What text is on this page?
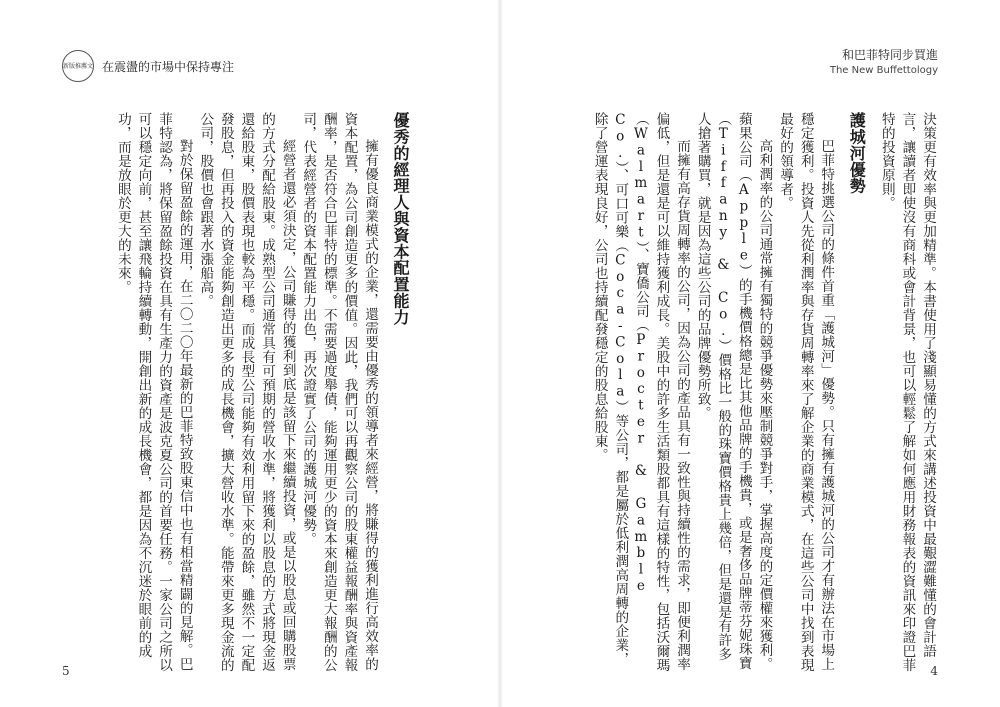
新版推薦文 在震盪的市場中保持專注
和巴菲特同步買進
The New Buffettology

決策更有效率與更加精準。本書使用了淺顯易懂的方式來講述投資中最艱澀難懂的會計語言，讓讀者即使沒有商科或會計背景，也可以輕鬆了解如何應用財務報表的資訊來印證巴菲特的投資原則。

護城河優勢

巴菲特挑選公司的條件首重「護城河」優勢。只有擁有護城河的公司才有辦法在市場上穩定獲利。投資人先從利潤率與存貨周轉率來了解企業的商業模式，在這些公司中找到表現最好的領導者。

高利潤率的公司通常擁有獨特的競爭優勢來壓制競爭對手，掌握高度的定價權來獲利。蘋果公司（Apple）的手機價格總是比其他品牌的手機貴，或是奢侈品牌蒂芬妮珠寶（Tiffany & Co.）價格比一般的珠寶價格貴上幾倍，但是還是有許多人搶著購買，就是因為這些公司的品牌優勢所致。

而擁有高存貨周轉率的公司，因為公司的產品具有一致性與持續性的需求，即便利潤率偏低，但是還是可以維持獲利成長。美股中的許多生活類股都具有這樣的特性，包括沃爾瑪（Walmart）、寶僑公司（Procter & Gamble Co.）、可口可樂（Coca-Cola）等公司，都是屬於低利潤高周轉的企業，除了營運表現良好，公司也持續配發穩定的股息給股東。

優秀的經理人與資本配置能力

擁有優良商業模式的企業，還需要由優秀的領導者來經營，將賺得的獲利進行高效率的資本配置，為公司創造更多的價值。因此，我們可以再觀察公司的股東權益報酬率與資產報酬率，是否符合巴菲特的標準。不需要過度舉債，能夠運用更少的資本來創造更大報酬的公司，代表經營者的資本配置能力出色，再次證實了公司的護城河優勢。

經營者還必須決定，公司賺得的獲利到底是該留下來繼續投資，或是以股息或回購股票的方式分配給股東。成熟型公司通常具有可預期的營收水準，將獲利以股息的方式將現金返還給股東，股價表現也較為平穩。而成長型公司能夠有效利用留下來的盈餘，雖然不一定配發股息，但再投入的資金能夠創造出更多的成長機會，擴大營收水準。能帶來更多現金流的公司，股價也會跟著水漲船高。

對於保留盈餘的運用，在二〇二〇年最新的巴菲特致股東信中也有相當精闢的見解。巴菲特認為，將保留盈餘投資在具有生產力的資產是波克夏公司的首要任務。一家公司之所以可以穩定向前，甚至讓飛輪持續轉動，開創出新的成長機會，都是因為不沉迷於眼前的成功，而是放眼於更大的未來。

5	4
